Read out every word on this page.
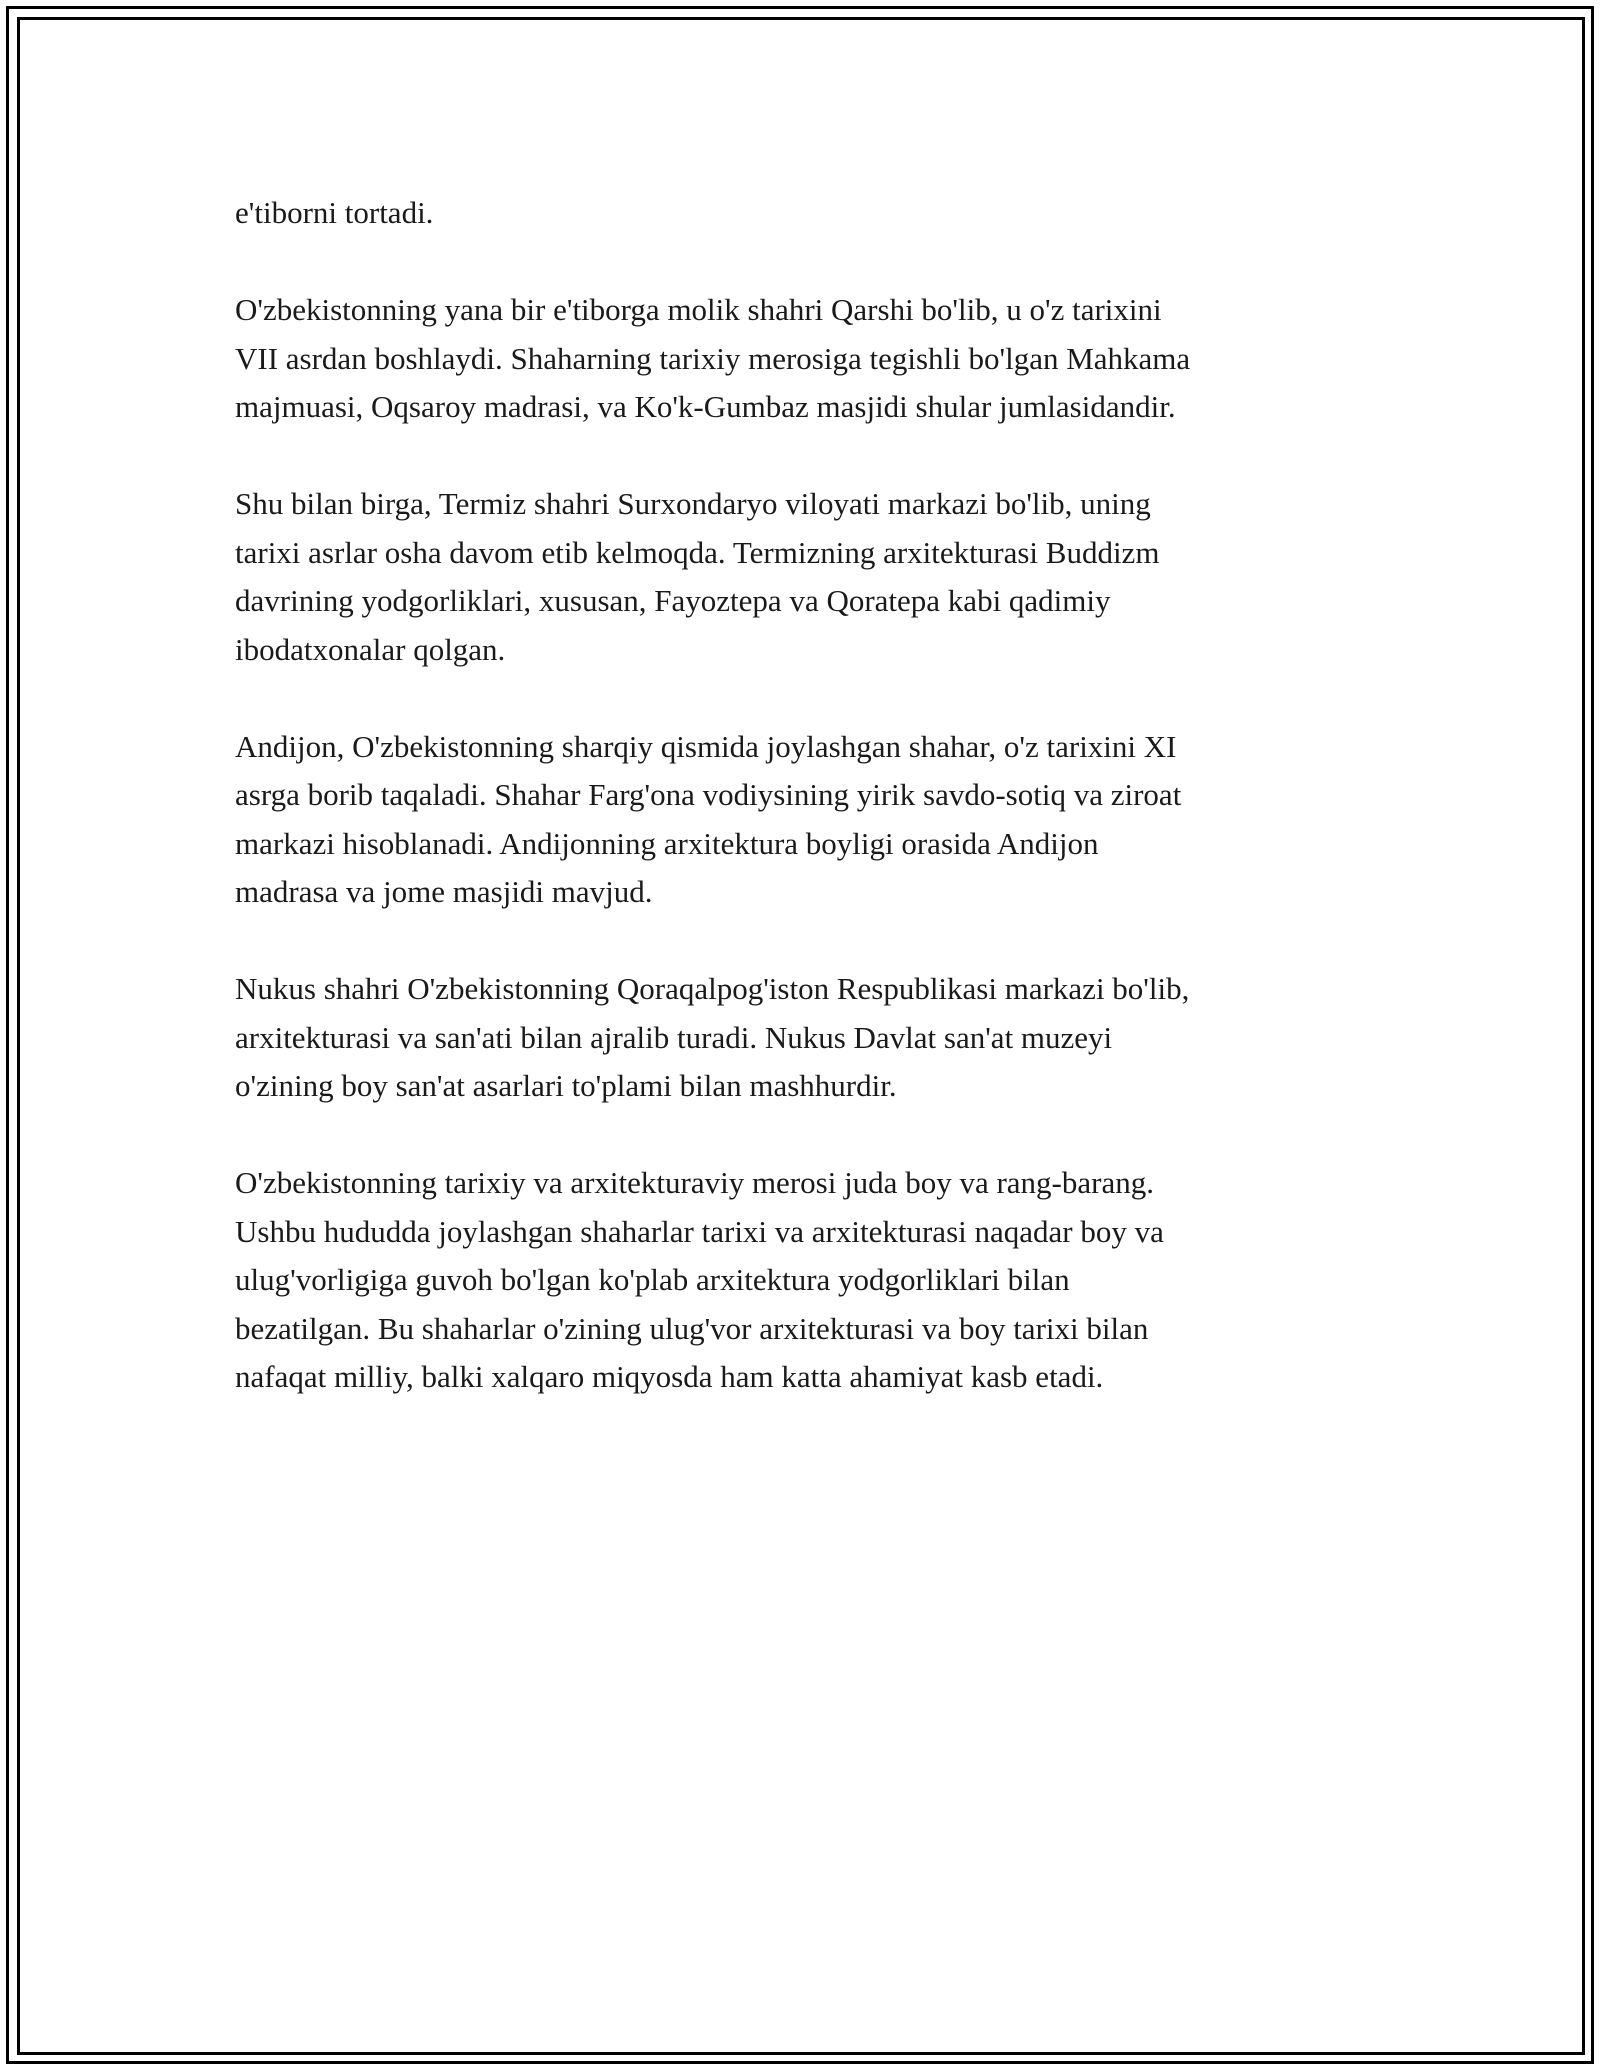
e'tiborni tortadi.

O'zbekistonning yana bir e'tiborga molik shahri Qarshi bo'lib, u o'z tarixini
VII asrdan boshlaydi. Shaharning tarixiy merosiga tegishli bo'lgan Mahkama
majmuasi, Oqsaroy madrasi, va Ko'k-Gumbaz masjidi shular jumlasidandir.

Shu bilan birga, Termiz shahri Surxondaryo viloyati markazi bo'lib, uning
tarixi asrlar osha davom etib kelmoqda. Termizning arxitekturasi Buddizm
davrining yodgorliklari, xususan, Fayoztepa va Qoratepa kabi qadimiy
ibodatxonalar qolgan.

Andijon, O'zbekistonning sharqiy qismida joylashgan shahar, o'z tarixini XI
asrga borib taqaladi. Shahar Farg'ona vodiysining yirik savdo-sotiq va ziroat
markazi hisoblanadi. Andijonning arxitektura boyligi orasida Andijon
madrasa va jome masjidi mavjud.

Nukus shahri O'zbekistonning Qoraqalpog'iston Respublikasi markazi bo'lib,
arxitekturasi va san'ati bilan ajralib turadi. Nukus Davlat san'at muzeyi
o'zining boy san'at asarlari to'plami bilan mashhurdir.

O'zbekistonning tarixiy va arxitekturaviy merosi juda boy va rang-barang.
Ushbu hududda joylashgan shaharlar tarixi va arxitekturasi naqadar boy va
ulug'vorligiga guvoh bo'lgan ko'plab arxitektura yodgorliklari bilan
bezatilgan. Bu shaharlar o'zining ulug'vor arxitekturasi va boy tarixi bilan
nafaqat milliy, balki xalqaro miqyosda ham katta ahamiyat kasb etadi.
